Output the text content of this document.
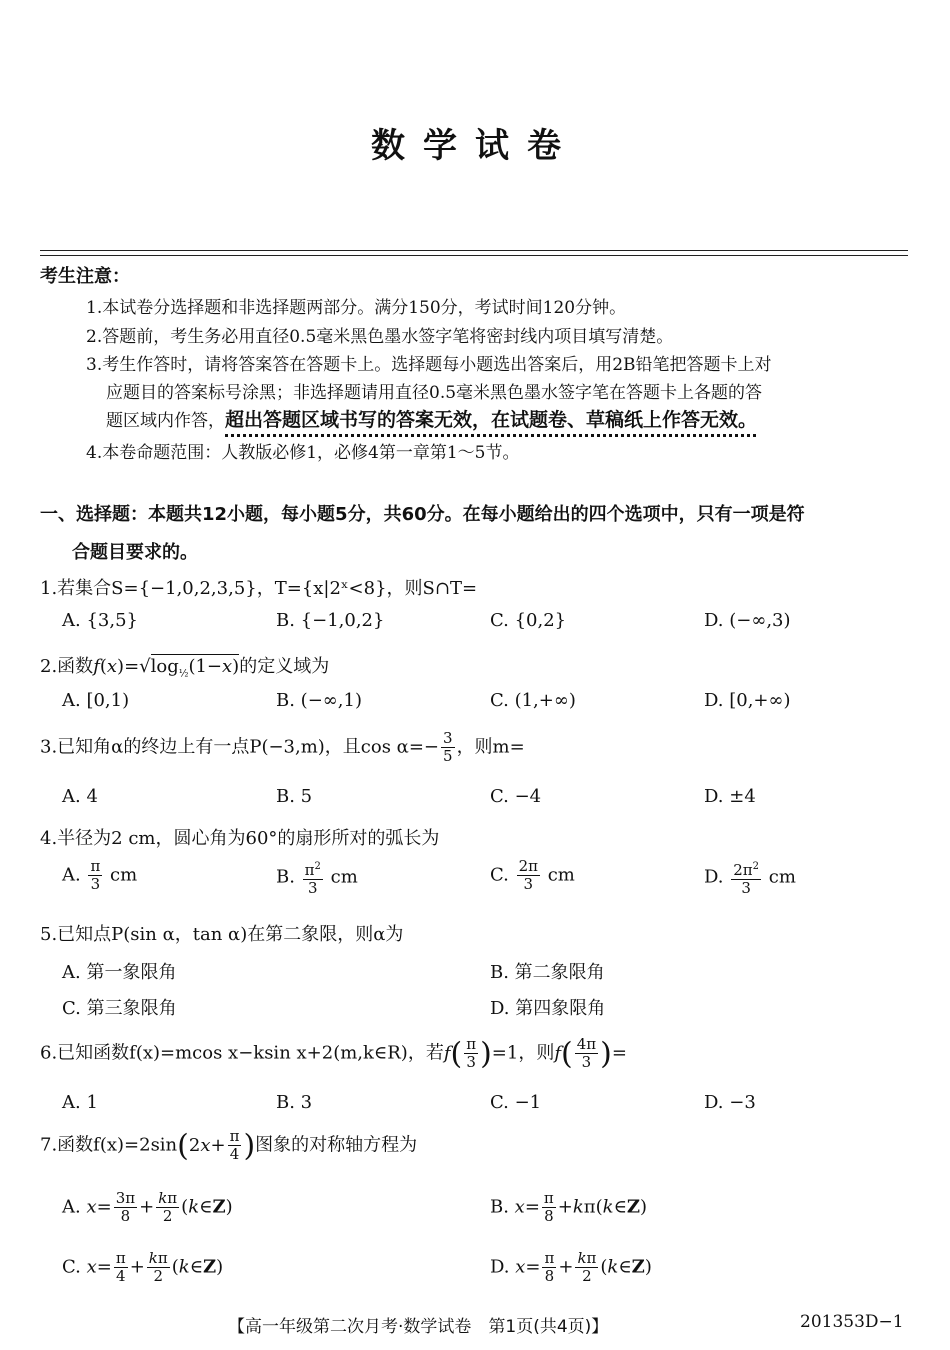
数学试卷
考生注意：
1.本试卷分选择题和非选择题两部分。满分150分，考试时间120分钟。
2.答题前，考生务必用直径0.5毫米黑色墨水签字笔将密封线内项目填写清楚。
3.考生作答时，请将答案答在答题卡上。选择题每小题选出答案后，用2B铅笔把答题卡上对
应题目的答案标号涂黑；非选择题请用直径0.5毫米黑色墨水签字笔在答题卡上各题的答
题区域内作答，超出答题区域书写的答案无效，在试题卷、草稿纸上作答无效。
4.本卷命题范围：人教版必修1，必修4第一章第1～5节。
一、选择题：本题共12小题，每小题5分，共60分。在每小题给出的四个选项中，只有一项是符
合题目要求的。
1.若集合S={−1,0,2,3,5}，T={x|2ˣ<8}，则S∩T=
A. {3,5}	B. {−1,0,2}	C. {0,2}	D. (−∞,3)
2.函数$f(x)=√\log_{\frac{1}{2}}(1-x)$的定义域为
A. [0,1)	B. (−∞,1)	C. (1,+∞)	D. [0,+∞)
3.已知角α的终边上有一点P(−3,m)，且$\cos \alpha=- \frac{3}{5}$ ，则m=
A. 4	B. 5	C. −4	D. ±4
4.半径为2 cm，圆心角为60°的扇形所对的弧长为
A. $\frac{\pi}{3}$ cm	B. $\frac{\pi^2}{3}$ cm	C. $\frac{2\pi}{3}$ cm	D. $\frac{2\pi^2}{3}$ cm
5.已知点P(sin α，tan α)在第二象限，则α为
A. 第一象限角	B. 第二象限角
C. 第三象限角	D. 第四象限角
6.已知函数f(x)=mcos x−ksin x+2(m,k∈R)，若$f( \frac{\pi}{3} )=1$，则$f( \frac{4\pi}{3}$ )=
A. 1	B. 3	C. −1	D. −3
7.函数$f(x)=2\sin(2x+ \frac{\pi}{4}$ )图象的对称轴方程为
A. $x= \frac{3\pi}{8} + \frac{k\pi}{2}$ (k∈Z)	B. $x= \frac{\pi}{8}$ +kπ(k∈Z)
C. $x= \frac{\pi}{4} + \frac{k\pi}{2}$ (k∈Z)	D. $x= \frac{\pi}{8} + \frac{k\pi}{2}$ (k∈Z)
【高一年级第二次月考·数学试卷　第1页(共4页)】	201353D−1
